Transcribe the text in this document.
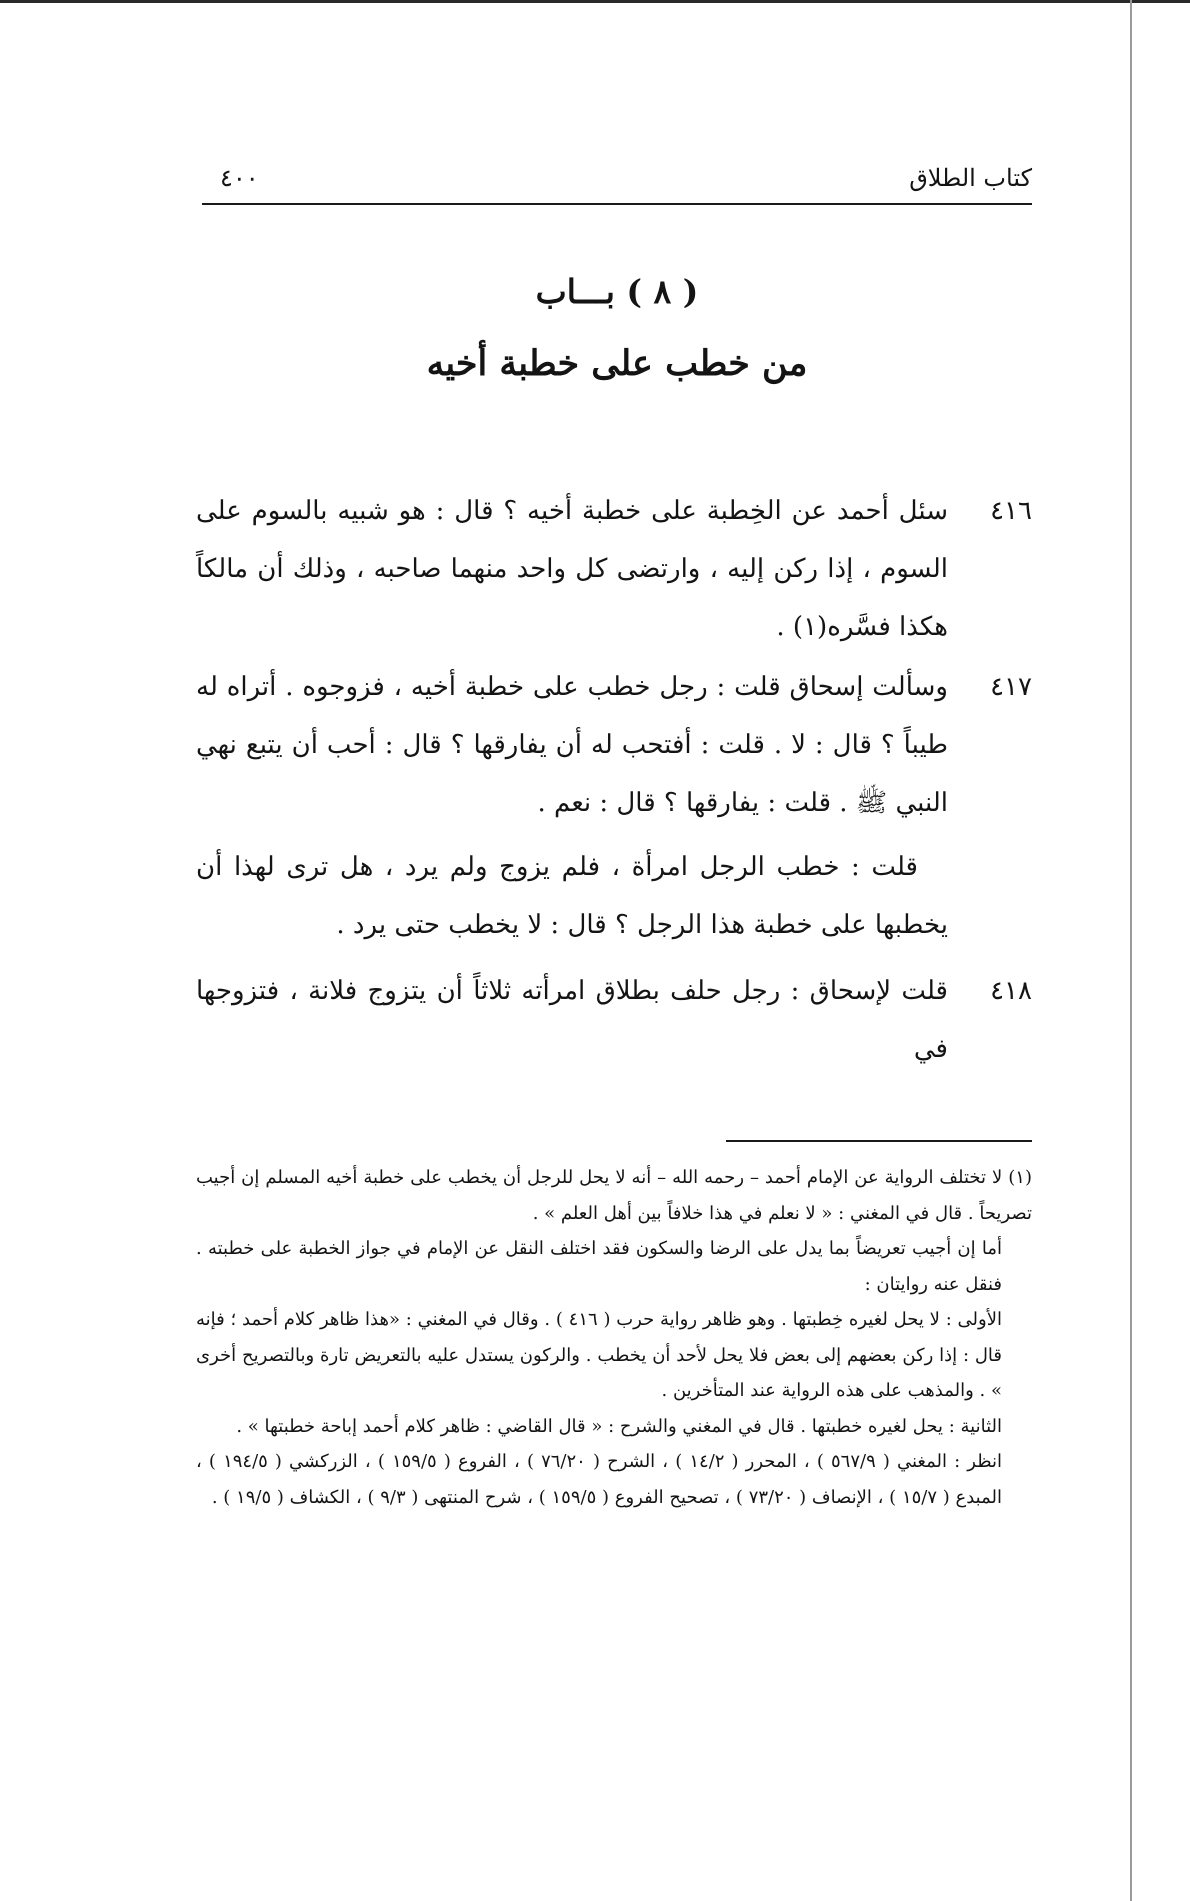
كتاب الطلاق
٤٠٠
( ٨ ) بـــاب
من خطب على خطبة أخيه
٤١٦
سئل أحمد عن الخِطبة على خطبة أخيه ؟ قال : هو شبيه بالسوم على السوم ، إذا ركن إليه ، وارتضى كل واحد منهما صاحبه ، وذلك أن مالكاً هكذا فسَّره(١) .
٤١٧
وسألت إسحاق قلت : رجل خطب على خطبة أخيه ، فزوجوه . أتراه له طيباً ؟ قال : لا . قلت : أفتحب له أن يفارقها ؟ قال : أحب أن يتبع نهي النبي ﷺ . قلت : يفارقها ؟ قال : نعم .
قلت : خطب الرجل امرأة ، فلم يزوج ولم يرد ، هل ترى لهذا أن يخطبها على خطبة هذا الرجل ؟ قال : لا يخطب حتى يرد .
٤١٨
قلت لإسحاق : رجل حلف بطلاق امرأته ثلاثاً أن يتزوج فلانة ، فتزوجها في

(١)لا تختلف الرواية عن الإمام أحمد – رحمه الله – أنه لا يحل للرجل أن يخطب على خطبة أخيه المسلم إن أجيب تصريحاً . قال في المغني : « لا نعلم في هذا خلافاً بين أهل العلم » .

أما إن أجيب تعريضاً بما يدل على الرضا والسكون فقد اختلف النقل عن الإمام في جواز الخطبة على خطبته . فنقل عنه روايتان :

الأولى : لا يحل لغيره خِطبتها . وهو ظاهر رواية حرب ( ٤١٦ ) . وقال في المغني : «هذا ظاهر كلام أحمد ؛ فإنه قال : إذا ركن بعضهم إلى بعض فلا يحل لأحد أن يخطب . والركون يستدل عليه بالتعريض تارة وبالتصريح أخرى » . والمذهب على هذه الرواية عند المتأخرين .

الثانية : يحل لغيره خطبتها . قال في المغني والشرح : « قال القاضي : ظاهر كلام أحمد إباحة خطبتها » .

انظر : المغني ( ٥٦٧/٩ ) ، المحرر ( ١٤/٢ ) ، الشرح ( ٧٦/٢٠ ) ، الفروع ( ١٥٩/٥ ) ، الزركشي ( ١٩٤/٥ ) ، المبدع ( ١٥/٧ ) ، الإنصاف ( ٧٣/٢٠ ) ، تصحيح الفروع ( ١٥٩/٥ ) ، شرح المنتهى ( ٩/٣ ) ، الكشاف ( ١٩/٥ ) .
